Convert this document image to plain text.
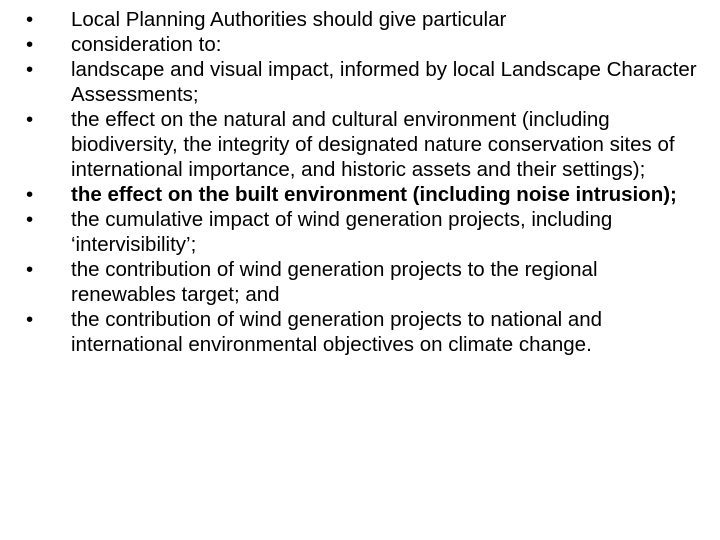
•	Local Planning Authorities should give particular
•	consideration to:
•	landscape and visual impact, informed by local Landscape Character Assessments;
•	the effect on the natural and cultural environment (including biodiversity, the integrity of designated nature conservation sites of international importance, and historic assets and their settings);
•	the effect on the built environment (including noise intrusion);
•	the cumulative impact of wind generation projects, including ‘intervisibility’;
•	the contribution of wind generation projects to the regional renewables target; and
•	the contribution of wind generation projects to national and international environmental objectives on climate change.
